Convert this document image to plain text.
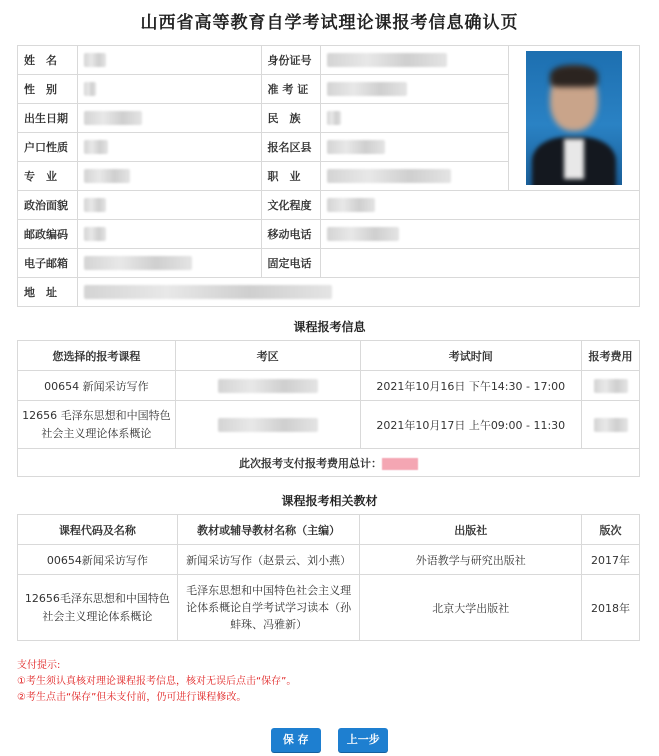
山西省高等教育自学考试理论课报考信息确认页
姓　名		身份证号		

性　别		准 考 证		
出生日期		民　族		
户口性质		报名区县		
专　业		职　业		
政治面貌		文化程度		
邮政编码		移动电话		
电子邮箱		固定电话		
地　址				
课程报考信息
您选择的报考课程	考区	考试时间	报考费用
00654 新闻采访写作		2021年10月16日 下午14:30 - 17:00	
12656 毛泽东思想和中国特色社会主义理论体系概论		2021年10月17日 上午09:00 - 11:30	
此次报考支付报考费用总计：			
课程报考相关教材
课程代码及名称	教材或辅导教材名称（主编）	出版社	版次
00654新闻采访写作	新闻采访写作（赵景云、刘小燕）	外语教学与研究出版社	2017年
12656毛泽东思想和中国特色社会主义理论体系概论	毛泽东思想和中国特色社会主义理论体系概论自学考试学习读本（孙蚌珠、冯雅新）	北京大学出版社	2018年
支付提示:
①考生须认真核对理论课程报考信息，核对无误后点击“保存”。
②考生点击“保存”但未支付前，仍可进行课程修改。
保 存	上一步
